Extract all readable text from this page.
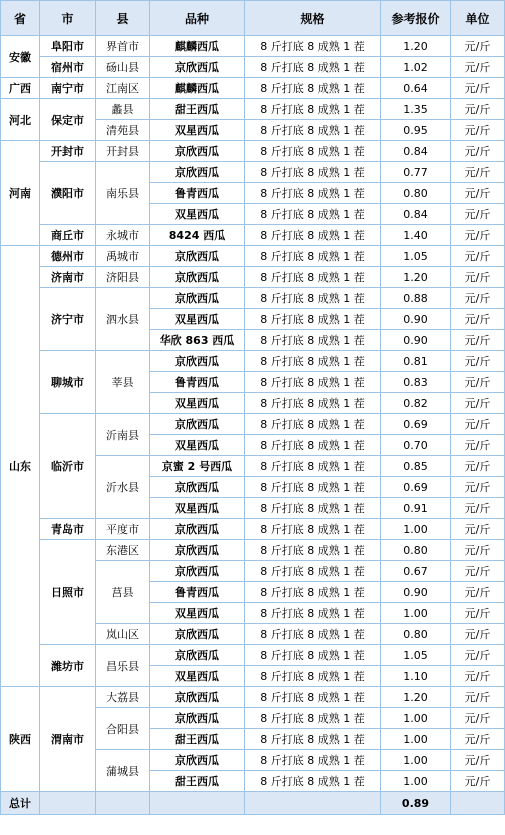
省	市	县	品种	规格	参考报价	单位
安徽	阜阳市	界首市	麒麟西瓜	8 斤打底 8 成熟 1 茬	1.20	元/斤
	宿州市	砀山县	京欣西瓜	8 斤打底 8 成熟 1 茬	1.02	元/斤
广西	南宁市	江南区	麒麟西瓜	8 斤打底 8 成熟 1 茬	0.64	元/斤
河北	保定市	蠡县	甜王西瓜	8 斤打底 8 成熟 1 茬	1.35	元/斤
		清苑县	双星西瓜	8 斤打底 8 成熟 1 茬	0.95	元/斤
河南	开封市	开封县	京欣西瓜	8 斤打底 8 成熟 1 茬	0.84	元/斤
	濮阳市	南乐县	京欣西瓜	8 斤打底 8 成熟 1 茬	0.77	元/斤
			鲁青西瓜	8 斤打底 8 成熟 1 茬	0.80	元/斤
			双星西瓜	8 斤打底 8 成熟 1 茬	0.84	元/斤
	商丘市	永城市	8424 西瓜	8 斤打底 8 成熟 1 茬	1.40	元/斤
山东	德州市	禹城市	京欣西瓜	8 斤打底 8 成熟 1 茬	1.05	元/斤
	济南市	济阳县	京欣西瓜	8 斤打底 8 成熟 1 茬	1.20	元/斤
	济宁市	泗水县	京欣西瓜	8 斤打底 8 成熟 1 茬	0.88	元/斤
			双星西瓜	8 斤打底 8 成熟 1 茬	0.90	元/斤
			华欣 863 西瓜	8 斤打底 8 成熟 1 茬	0.90	元/斤
	聊城市	莘县	京欣西瓜	8 斤打底 8 成熟 1 茬	0.81	元/斤
			鲁青西瓜	8 斤打底 8 成熟 1 茬	0.83	元/斤
			双星西瓜	8 斤打底 8 成熟 1 茬	0.82	元/斤
	临沂市	沂南县	京欣西瓜	8 斤打底 8 成熟 1 茬	0.69	元/斤
			双星西瓜	8 斤打底 8 成熟 1 茬	0.70	元/斤
		沂水县	京蜜 2 号西瓜	8 斤打底 8 成熟 1 茬	0.85	元/斤
			京欣西瓜	8 斤打底 8 成熟 1 茬	0.69	元/斤
			双星西瓜	8 斤打底 8 成熟 1 茬	0.91	元/斤
	青岛市	平度市	京欣西瓜	8 斤打底 8 成熟 1 茬	1.00	元/斤
	日照市	东港区	京欣西瓜	8 斤打底 8 成熟 1 茬	0.80	元/斤
		莒县	京欣西瓜	8 斤打底 8 成熟 1 茬	0.67	元/斤
			鲁青西瓜	8 斤打底 8 成熟 1 茬	0.90	元/斤
			双星西瓜	8 斤打底 8 成熟 1 茬	1.00	元/斤
		岚山区	京欣西瓜	8 斤打底 8 成熟 1 茬	0.80	元/斤
	潍坊市	昌乐县	京欣西瓜	8 斤打底 8 成熟 1 茬	1.05	元/斤
			双星西瓜	8 斤打底 8 成熟 1 茬	1.10	元/斤
陕西	渭南市	大荔县	京欣西瓜	8 斤打底 8 成熟 1 茬	1.20	元/斤
		合阳县	京欣西瓜	8 斤打底 8 成熟 1 茬	1.00	元/斤
			甜王西瓜	8 斤打底 8 成熟 1 茬	1.00	元/斤
		蒲城县	京欣西瓜	8 斤打底 8 成熟 1 茬	1.00	元/斤
			甜王西瓜	8 斤打底 8 成熟 1 茬	1.00	元/斤
总计					0.89	
